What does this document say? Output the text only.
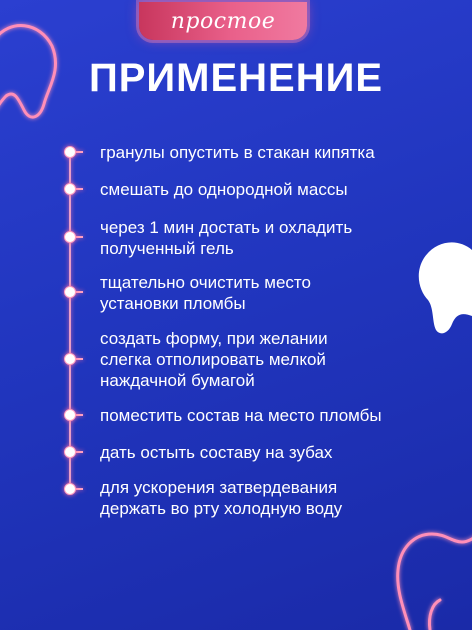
простое
ПРИМЕНЕНИЕ
гранулы опустить в стакан кипятка
смешать до однородной массы
через 1 мин достать и охладить
полученный гель
тщательно очистить место
установки пломбы
создать форму, при желании
слегка отполировать мелкой
наждачной бумагой
поместить состав на место пломбы
дать остыть составу на зубах
для ускорения затвердевания
держать во рту холодную воду
